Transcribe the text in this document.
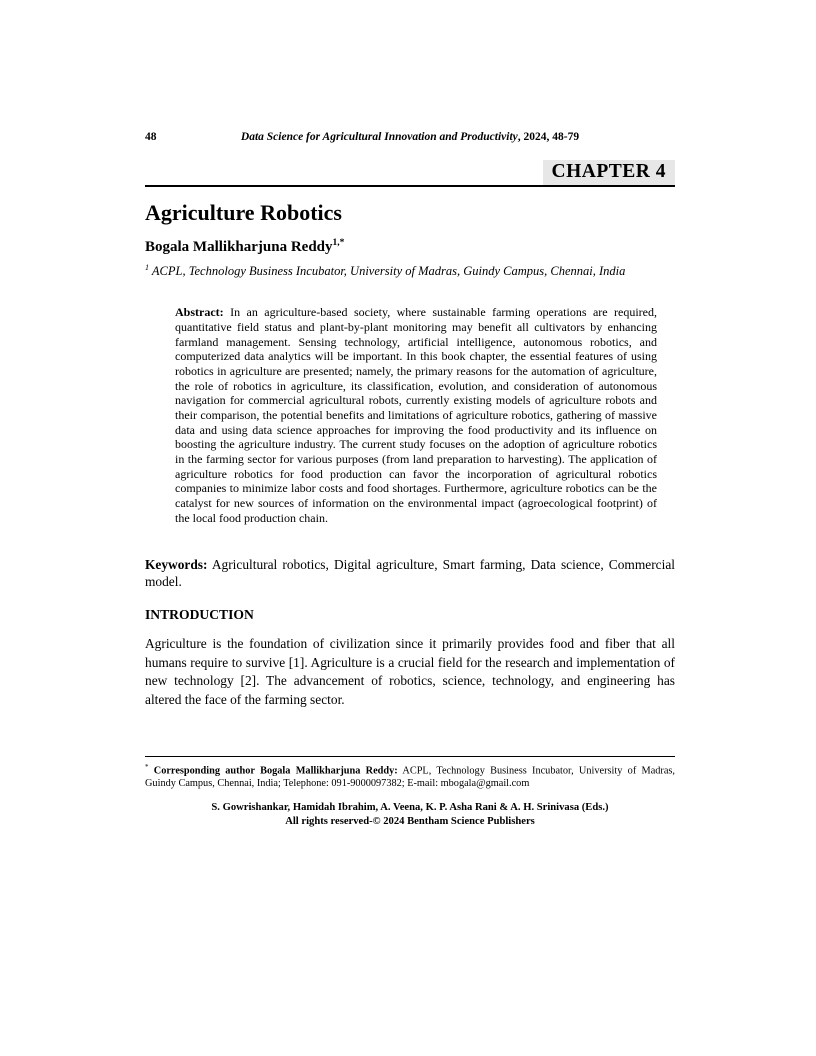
48	Data Science for Agricultural Innovation and Productivity, 2024, 48-79
CHAPTER 4
Agriculture Robotics
Bogala Mallikharjuna Reddy$^{1,*}$
$^1$ ACPL, Technology Business Incubator, University of Madras, Guindy Campus, Chennai, India

Abstract: In an agriculture-based society, where sustainable farming operations are required, quantitative field status and plant-by-plant monitoring may benefit all cultivators by enhancing farmland management. Sensing technology, artificial intelligence, autonomous robotics, and computerized data analytics will be important. In this book chapter, the essential features of using robotics in agriculture are presented; namely, the primary reasons for the automation of agriculture, the role of robotics in agriculture, its classification, evolution, and consideration of autonomous navigation for commercial agricultural robots, currently existing models of agriculture robots and their comparison, the potential benefits and limitations of agriculture robotics, gathering of massive data and using data science approaches for improving the food productivity and its influence on boosting the agriculture industry. The current study focuses on the adoption of agriculture robotics in the farming sector for various purposes (from land preparation to harvesting). The application of agriculture robotics for food production can favor the incorporation of agricultural robotics companies to minimize labor costs and food shortages. Furthermore, agriculture robotics can be the catalyst for new sources of information on the environmental impact (agroecological footprint) of the local food production chain.

Keywords: Agricultural robotics, Digital agriculture, Smart farming, Data science, Commercial model.

INTRODUCTION

Agriculture is the foundation of civilization since it primarily provides food and fiber that all humans require to survive [1]. Agriculture is a crucial field for the research and implementation of new technology [2]. The advancement of robotics, science, technology, and engineering has altered the face of the farming sector.

* Corresponding author Bogala Mallikharjuna Reddy: ACPL, Technology Business Incubator, University of Madras, Guindy Campus, Chennai, India; Telephone: 091-9000097382; E-mail: mbogala@gmail.com

S. Gowrishankar, Hamidah Ibrahim, A. Veena, K. P. Asha Rani & A. H. Srinivasa (Eds.)
All rights reserved-© 2024 Bentham Science Publishers
